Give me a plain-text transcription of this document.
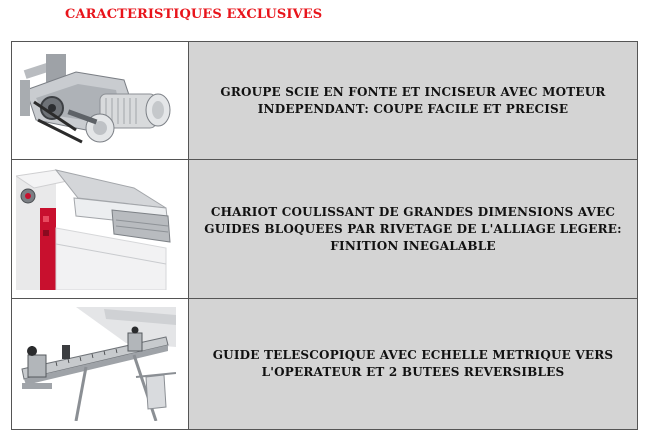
CARACTERISTIQUES EXCLUSIVES
	GROUPE SCIE EN FONTE ET INCISEUR AVEC MOTEUR INDEPENDANT: COUPE FACILE ET PRECISE

	CHARIOT COULISSANT DE GRANDES DIMENSIONS AVEC GUIDES BLOQUEES PAR RIVETAGE DE L'ALLIAGE LEGERE: FINITION INEGALABLE

	GUIDE TELESCOPIQUE AVEC ECHELLE METRIQUE VERS L'OPERATEUR ET 2 BUTEES REVERSIBLES
